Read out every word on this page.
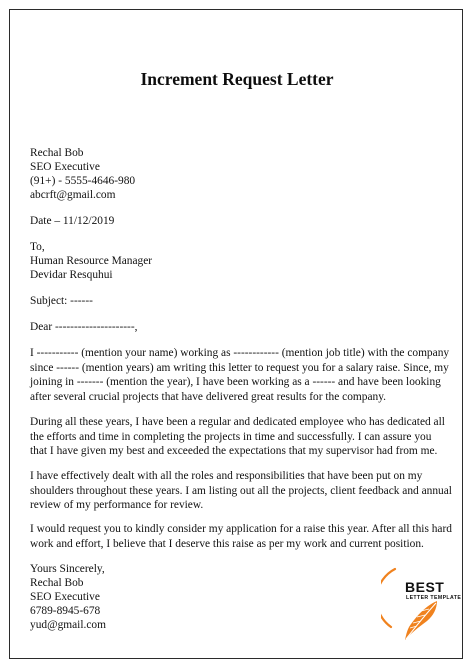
Increment Request Letter
Rechal Bob
SEO Executive
(91+) - 5555-4646-980
abcrft@gmail.com
Date – 11/12/2019
To,
Human Resource Manager
Devidar Resquhui
Subject: ------
Dear ---------------------,
I ----------- (mention your name) working as ------------ (mention job title) with the company
since ------ (mention years) am writing this letter to request you for a salary raise. Since, my
joining in ------- (mention the year), I have been working as a ------ and have been looking
after several crucial projects that have delivered great results for the company.
During all these years, I have been a regular and dedicated employee who has dedicated all
the efforts and time in completing the projects in time and successfully. I can assure you
that I have given my best and exceeded the expectations that my supervisor had from me.
I have effectively dealt with all the roles and responsibilities that have been put on my
shoulders throughout these years. I am listing out all the projects, client feedback and annual
review of my performance for review.
I would request you to kindly consider my application for a raise this year. After all this hard
work and effort, I believe that I deserve this raise as per my work and current position.
Yours Sincerely,
Rechal Bob
SEO Executive
6789-8945-678
yud@gmail.com
BEST
LETTER TEMPLATE
